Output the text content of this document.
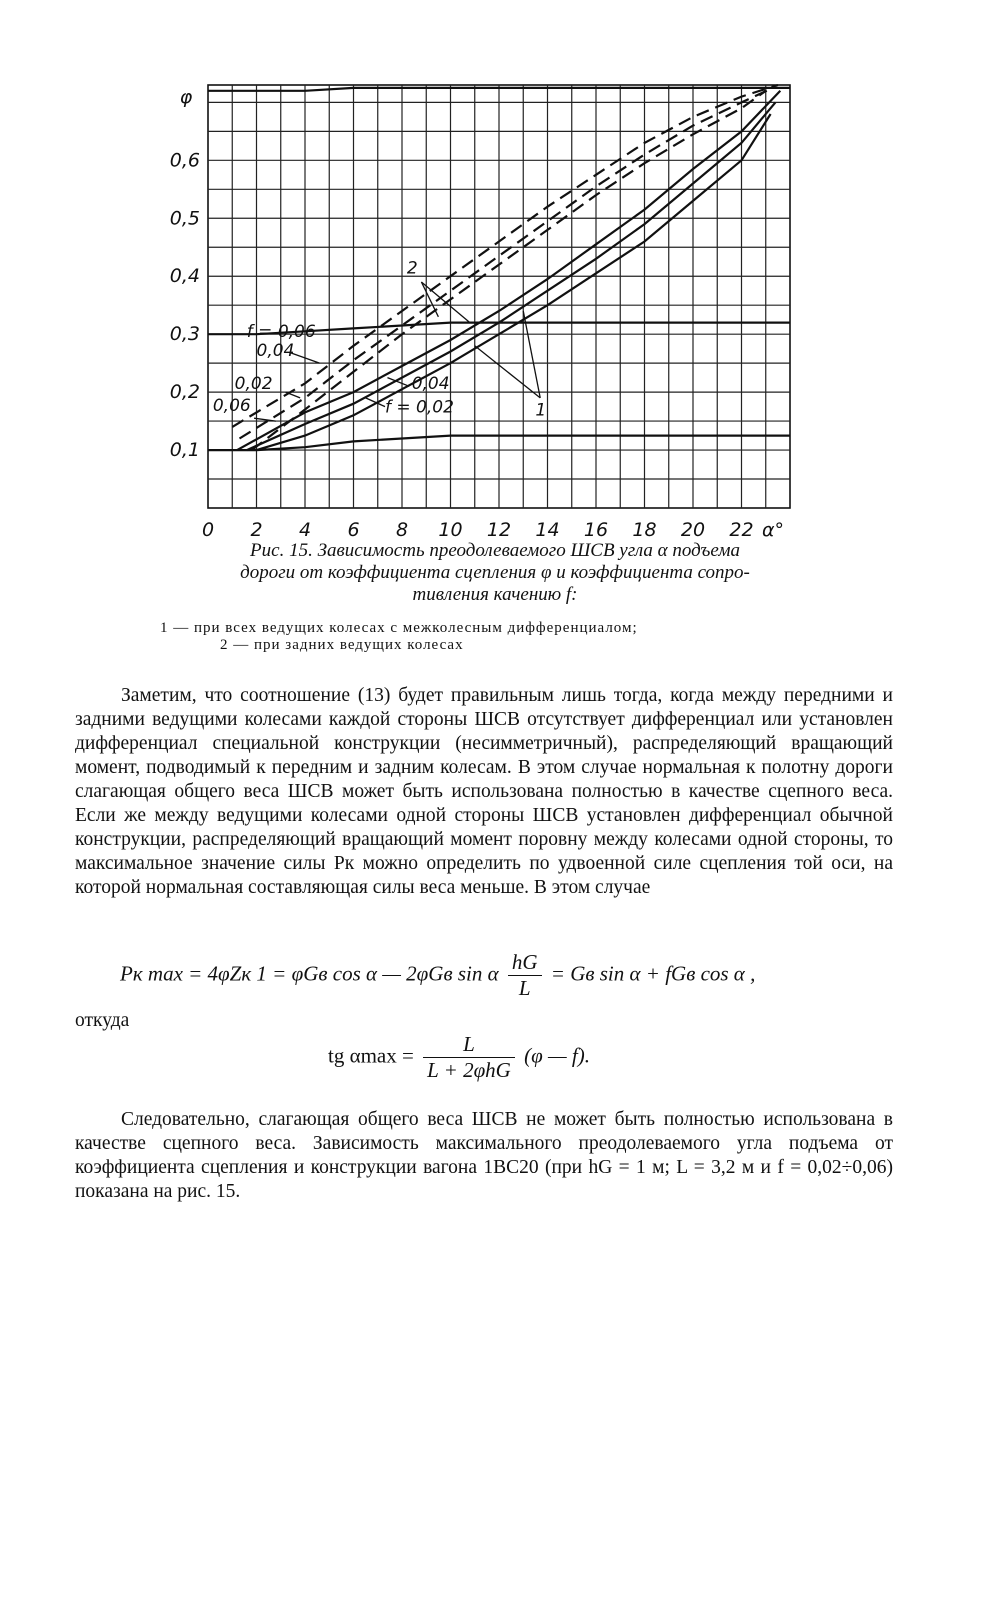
0 2 4 6 8 10 12 14 16 18 20 22 α°
0,1
0,2
0,3
0,4
0,5
0,6
φ
f = 0,06
0,04
0,02
0,06
0,04
f = 0,02	1
2
Рис. 15. Зависимость преодолеваемого ШСВ угла α подъема
дороги от коэффициента сцепления φ и коэффициента сопро-
тивления качению f:
1 — при всех ведущих колесах с межколесным дифференциалом;
2 — при задних ведущих колесах
Заметим, что соотношение (13) будет правильным лишь тогда, когда между передними и задними ведущими колесами каждой стороны ШСВ отсутствует дифференциал или установлен дифференциал специальной конструкции (несимметричный), распределяющий вращающий момент, подводимый к передним и задним колесам. В этом случае нормальная к полотну дороги слагающая общего веса ШСВ может быть использована полностью в качестве сцепного веса. Если же между ведущими колесами одной стороны ШСВ установлен дифференциал обычной конструкции, распределяющий вращающий момент поровну между колесами одной стороны, то максимальное значение силы Pк можно определить по удвоенной силе сцепления той оси, на которой нормальная составляющая силы веса меньше. В этом случае
Pк max = 4φZк 1 = φGв cos α — 2φGв sin α $\frac{hG}{L}$ = Gв sin α + fGв cos α ,
откуда
tg $\alpha\max = \frac{L}{\text{L + 2φhG}} (\varphi$ — f).
Следовательно, слагающая общего веса ШСВ не может быть полностью использована в качестве сцепного веса. Зависимость максимального преодолеваемого угла подъема от коэффициента сцепления и конструкции вагона 1ВС20 (при hG = 1 м; L = 3,2 м и f = 0,02÷0,06) показана на рис. 15.
